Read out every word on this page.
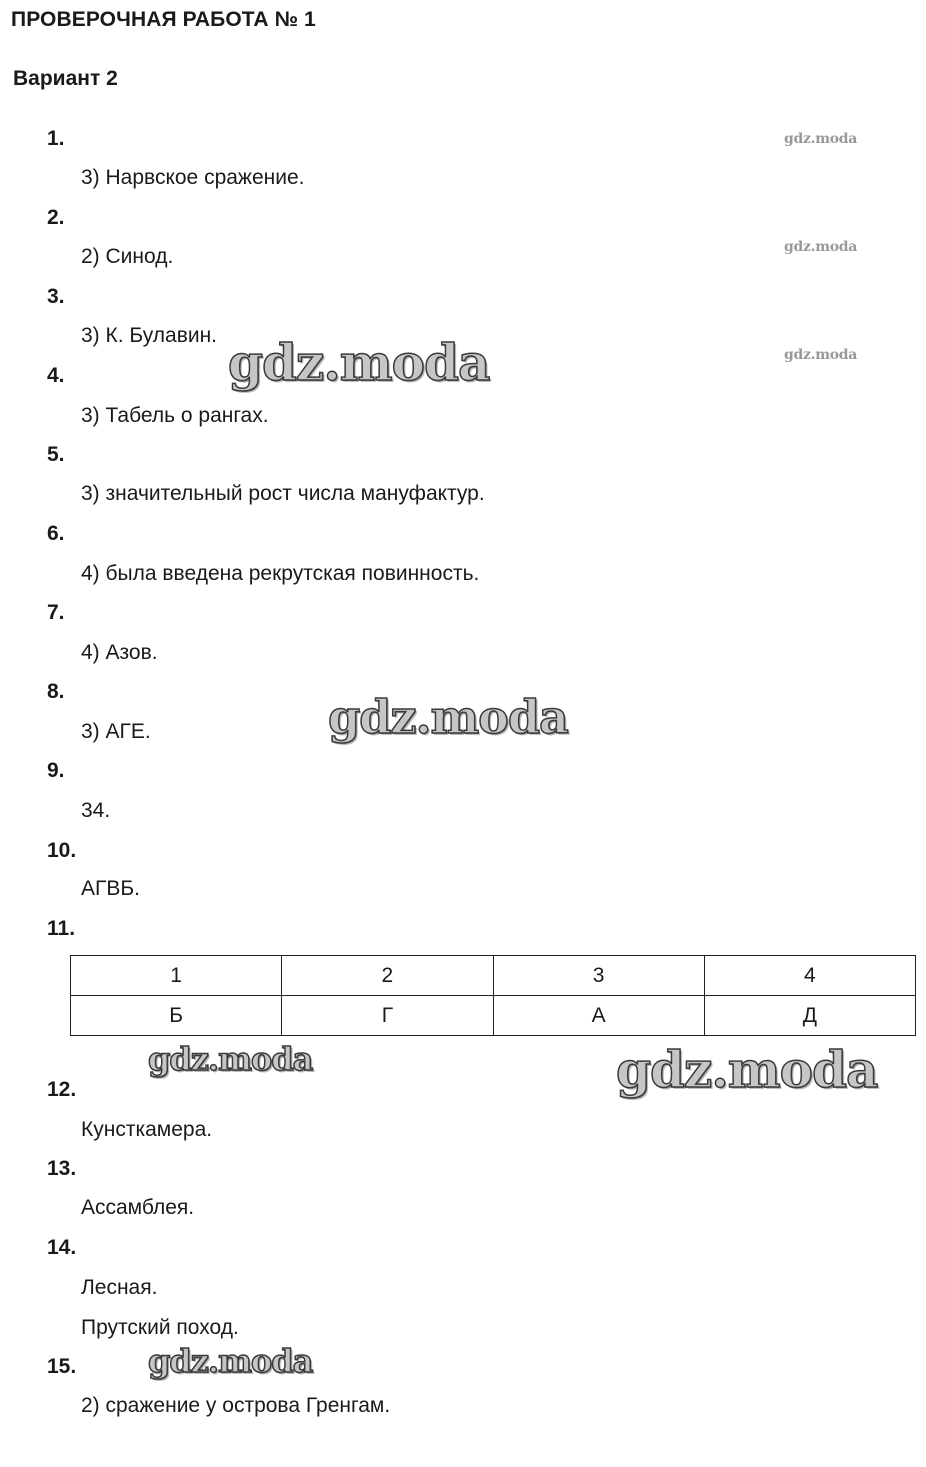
ПРОВЕРОЧНАЯ РАБОТА № 1
Вариант 2
1.
3) Нарвское сражение.
2.
2) Синод.
3.
3) К. Булавин.
4.
3) Табель о рангах.
5.
3) значительный рост числа мануфактур.
6.
4) была введена рекрутская повинность.
7.
4) Азов.
8.
3) АГЕ.
9.
34.
10.
АГВБ.
11.
1	2	3	4
Б	Г	А	Д
12.
Кунсткамера.
13.
Ассамблея.
14.
Лесная.
Прутский поход.
15.
2) сражение у острова Гренгам.
gdz.moda
gdz.moda
gdz.moda
gdz.moda
gdz.moda
gdz.moda	gdz.moda
gdz.moda
